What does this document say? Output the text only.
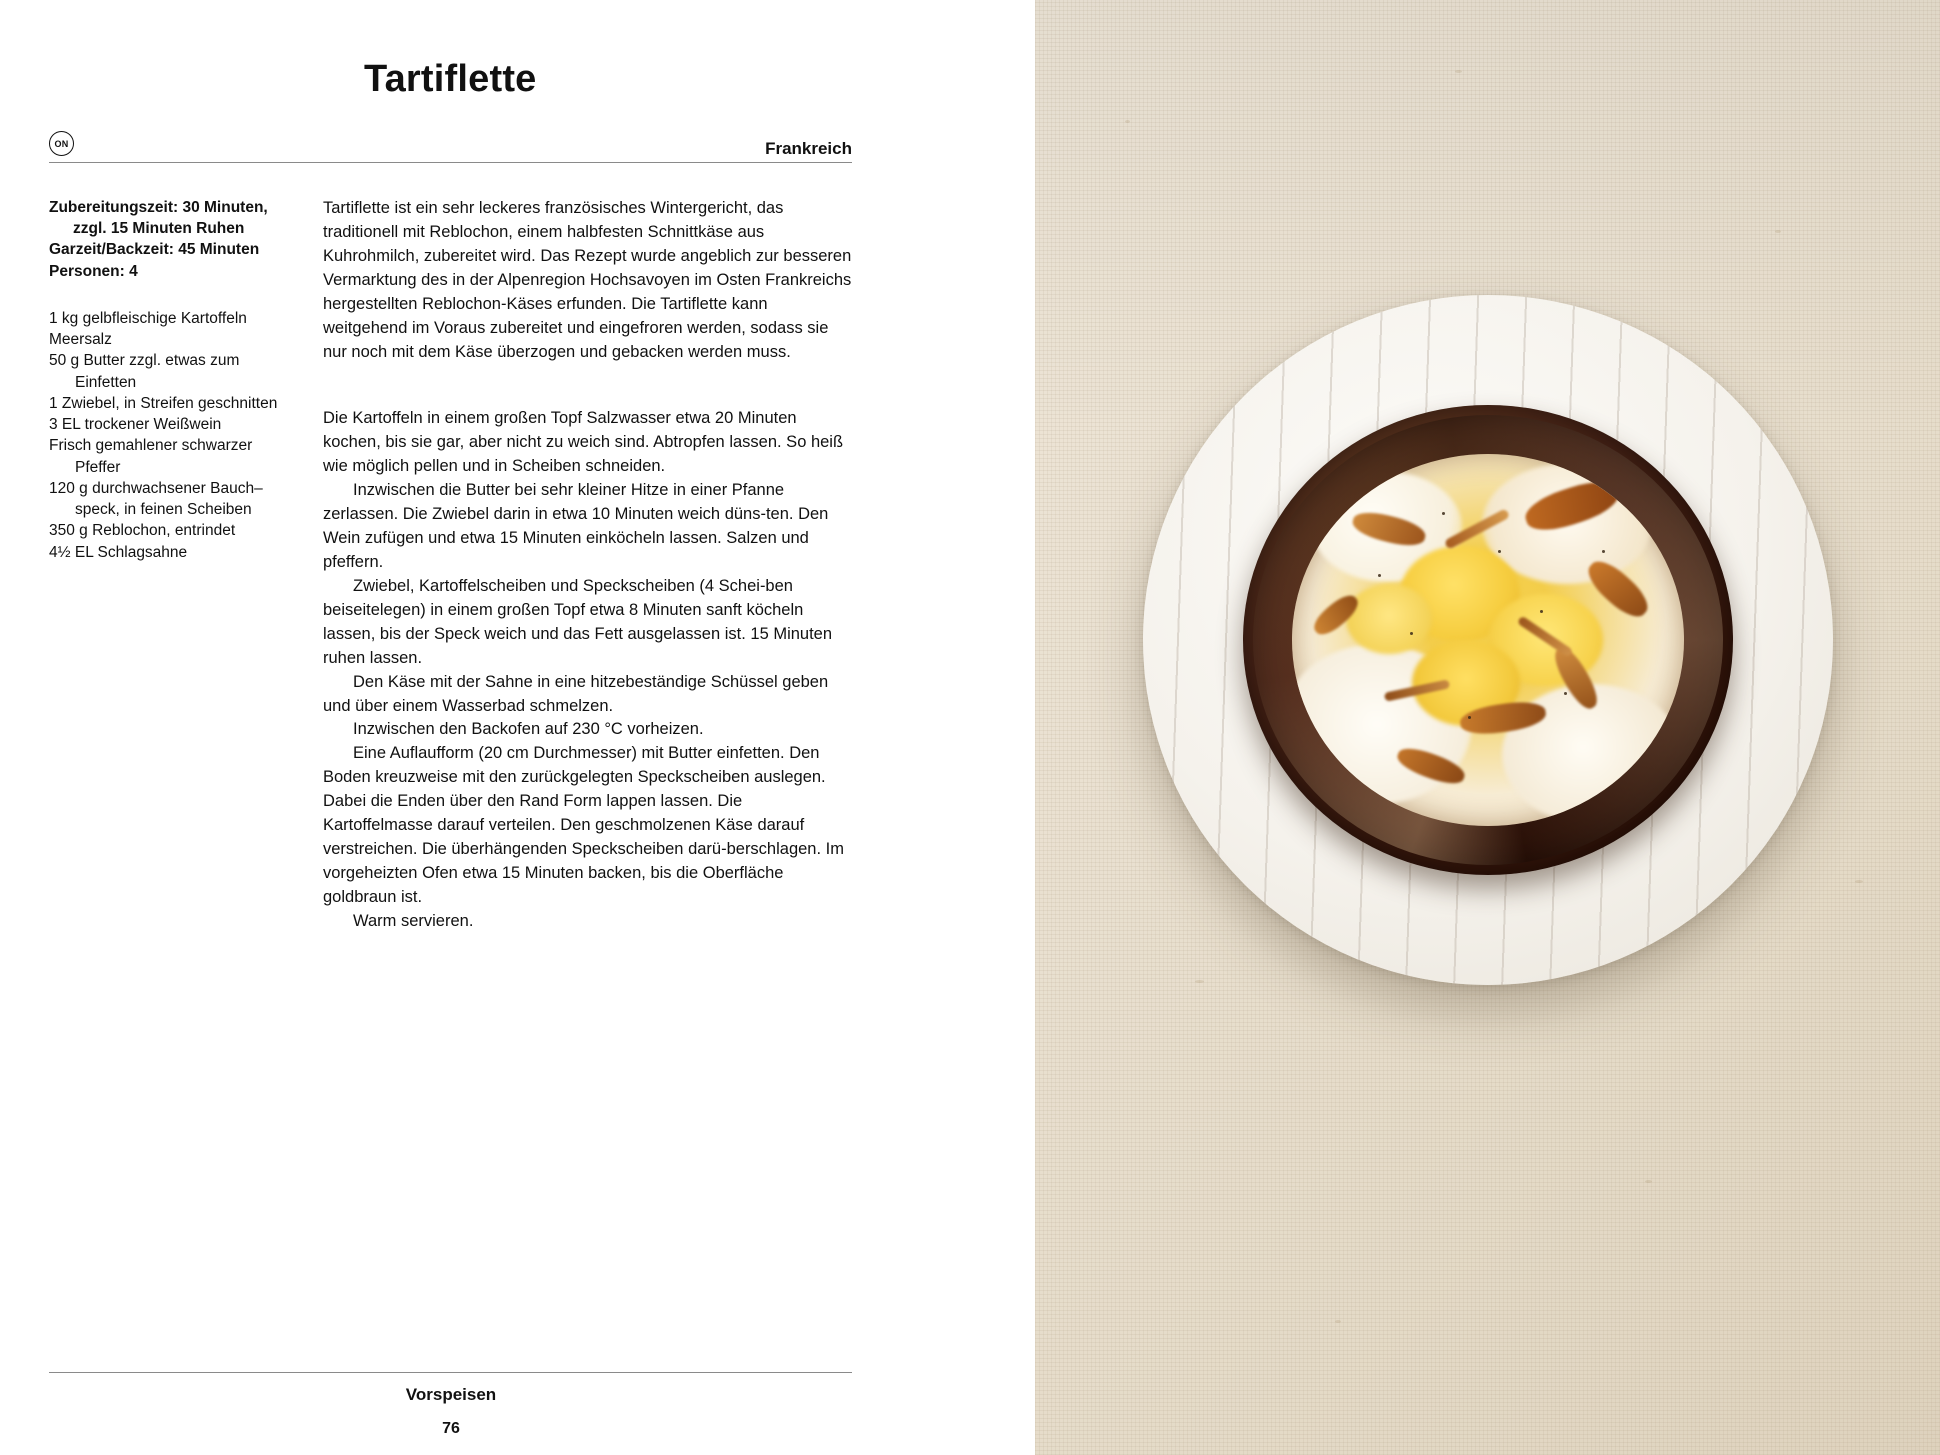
Tartiflette
ON	Frankreich
Zubereitungszeit: 30 Minuten,

zzgl. 15 Minuten Ruhen
Garzeit/Backzeit: 45 Minuten
Personen: 4
1 kg gelbfleischige Kartoffeln
Meersalz
50 g Butter zzgl. etwas zum
Einfetten
1 Zwiebel, in Streifen geschnitten
3 EL trockener Weißwein
Frisch gemahlener schwarzer
Pfeffer
120 g durchwachsener Bauch–
speck, in feinen Scheiben
350 g Reblochon, entrindet
4½ EL Schlagsahne

Tartiflette ist ein sehr leckeres französisches Wintergericht, das traditionell mit Reblochon, einem halbfesten Schnittkäse aus Kuhrohmilch, zubereitet wird. Das Rezept wurde angeblich zur besseren Vermarktung des in der Alpenregion Hochsavoyen im Osten Frankreichs hergestellten Reblochon-Käses erfunden. Die Tartiflette kann weitgehend im Voraus zubereitet und eingefroren werden, sodass sie nur noch mit dem Käse überzogen und gebacken werden muss.

Die Kartoffeln in einem großen Topf Salzwasser etwa 20 Minuten kochen, bis sie gar, aber nicht zu weich sind. Abtropfen lassen. So heiß wie möglich pellen und in Scheiben schneiden.

Inzwischen die Butter bei sehr kleiner Hitze in einer Pfanne zerlassen. Die Zwiebel darin in etwa 10 Minuten weich düns-ten. Den Wein zufügen und etwa 15 Minuten einköcheln lassen. Salzen und pfeffern.

Zwiebel, Kartoffelscheiben und Speckscheiben (4 Schei-ben beiseitelegen) in einem großen Topf etwa 8 Minuten sanft köcheln lassen, bis der Speck weich und das Fett ausgelassen ist. 15 Minuten ruhen lassen.

Den Käse mit der Sahne in eine hitzebeständige Schüssel geben und über einem Wasserbad schmelzen.

Inzwischen den Backofen auf 230 °C vorheizen.

Eine Auflaufform (20 cm Durchmesser) mit Butter einfetten. Den Boden kreuzweise mit den zurückgelegten Speckscheiben auslegen. Dabei die Enden über den Rand Form lappen lassen. Die Kartoffelmasse darauf verteilen. Den geschmolzenen Käse darauf verstreichen. Die überhängenden Speckscheiben darü-berschlagen. Im vorgeheizten Ofen etwa 15 Minuten backen, bis die Oberfläche goldbraun ist.

Warm servieren.

Vorspeisen
76
